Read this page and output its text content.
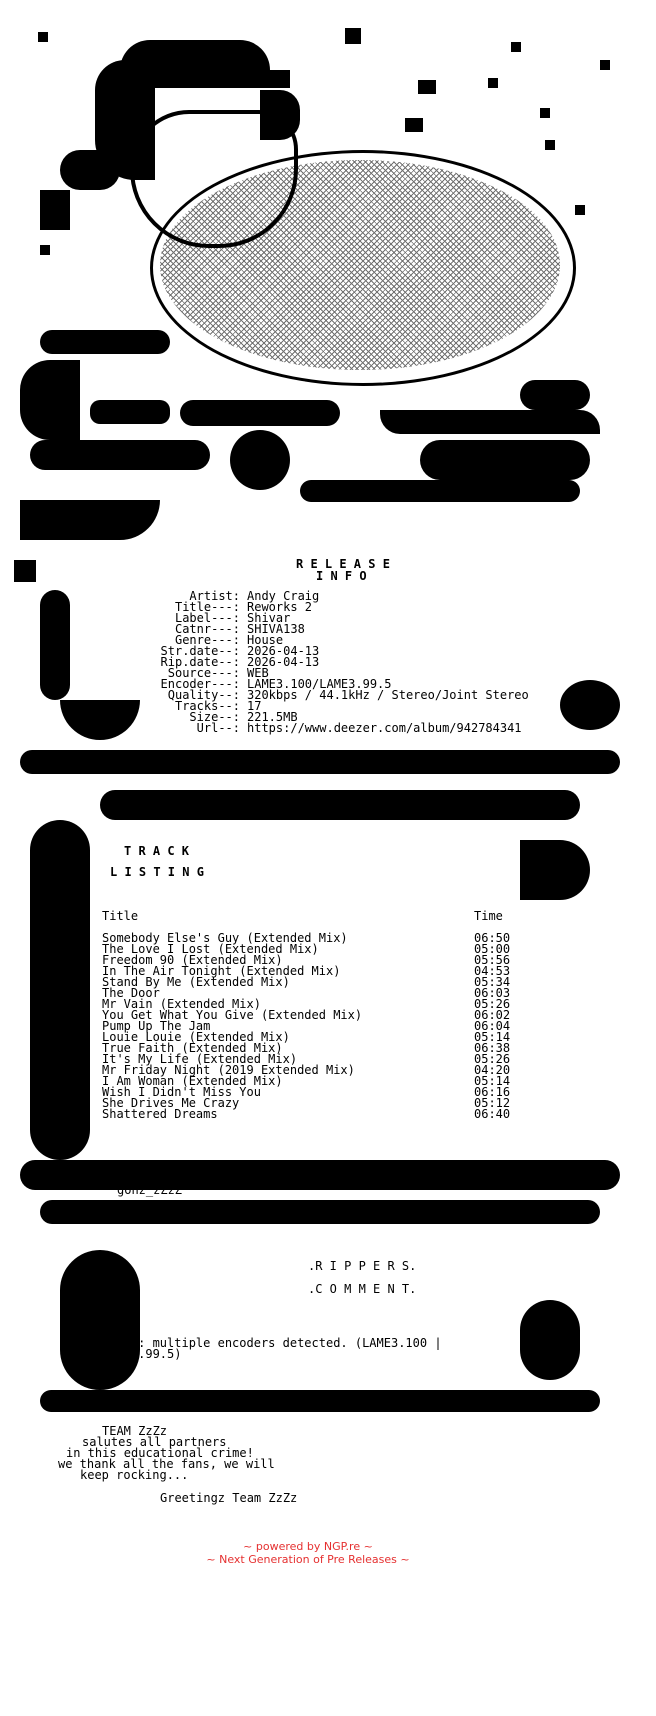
R E L E A S E
I N F O
Artist: Andy Craig
Title---: Reworks 2
Label---: Shivar
Catnr---: SHIVA138
Genre---: House
Str.date--: 2026-04-13
Rip.date--: 2026-04-13
Source---: WEB
Encoder---: LAME3.100/LAME3.99.5
Quality--: 320kbps / 44.1kHz / Stereo/Joint Stereo
Tracks--: 17
Size--: 221.5MB
Url--: https://www.deezer.com/album/942784341
T R A C K
L I S T I N G
Track Title	Time
01. Somebody Else's Guy (Extended Mix)	06:50
02. The Love I Lost (Extended Mix)	05:00
03. Freedom 90 (Extended Mix)	05:56
04. In The Air Tonight (Extended Mix)	04:53
05. Stand By Me (Extended Mix)	05:34
06. The Door	06:03
07. Mr Vain (Extended Mix)	05:26
08. You Get What You Give (Extended Mix)	06:02
09. Pump Up The Jam	06:04
10. Louie Louie (Extended Mix)	05:14
11. True Faith (Extended Mix)	06:38
12. It's My Life (Extended Mix)	05:26
13. Mr Friday Night (2019 Extended Mix)	04:20
14. I Am Woman (Extended Mix)	05:14
15. Wish I Didn't Miss You	06:16
16. She Drives Me Crazy	05:12
17. Shattered Dreams	06:40
ASCii by
gonz_zZzZ
.R I P P E R S.
.C O M M E N T.
ERROR: multiple encoders detected. (LAME3.100 |
LAME3.99.5)
TEAM ZzZz
salutes all partners
in this educational crime!
we thank all the fans, we will
keep rocking...
Greetingz Team ZzZz
~ powered by NGP.re ~
~ Next Generation of Pre Releases ~
